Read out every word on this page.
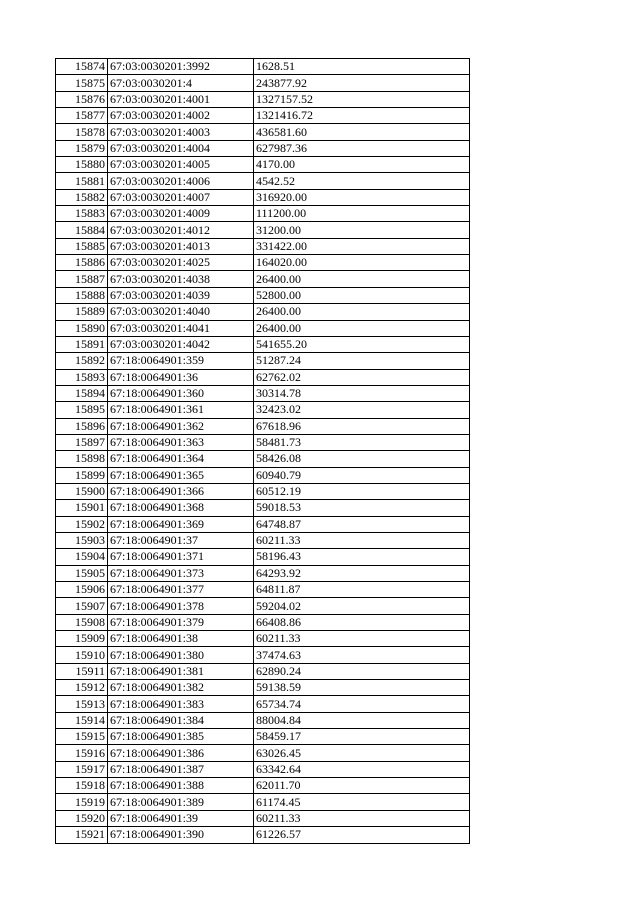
15874	67:03:0030201:3992	1628.51
15875	67:03:0030201:4	243877.92
15876	67:03:0030201:4001	1327157.52
15877	67:03:0030201:4002	1321416.72
15878	67:03:0030201:4003	436581.60
15879	67:03:0030201:4004	627987.36
15880	67:03:0030201:4005	4170.00
15881	67:03:0030201:4006	4542.52
15882	67:03:0030201:4007	316920.00
15883	67:03:0030201:4009	111200.00
15884	67:03:0030201:4012	31200.00
15885	67:03:0030201:4013	331422.00
15886	67:03:0030201:4025	164020.00
15887	67:03:0030201:4038	26400.00
15888	67:03:0030201:4039	52800.00
15889	67:03:0030201:4040	26400.00
15890	67:03:0030201:4041	26400.00
15891	67:03:0030201:4042	541655.20
15892	67:18:0064901:359	51287.24
15893	67:18:0064901:36	62762.02
15894	67:18:0064901:360	30314.78
15895	67:18:0064901:361	32423.02
15896	67:18:0064901:362	67618.96
15897	67:18:0064901:363	58481.73
15898	67:18:0064901:364	58426.08
15899	67:18:0064901:365	60940.79
15900	67:18:0064901:366	60512.19
15901	67:18:0064901:368	59018.53
15902	67:18:0064901:369	64748.87
15903	67:18:0064901:37	60211.33
15904	67:18:0064901:371	58196.43
15905	67:18:0064901:373	64293.92
15906	67:18:0064901:377	64811.87
15907	67:18:0064901:378	59204.02
15908	67:18:0064901:379	66408.86
15909	67:18:0064901:38	60211.33
15910	67:18:0064901:380	37474.63
15911	67:18:0064901:381	62890.24
15912	67:18:0064901:382	59138.59
15913	67:18:0064901:383	65734.74
15914	67:18:0064901:384	88004.84
15915	67:18:0064901:385	58459.17
15916	67:18:0064901:386	63026.45
15917	67:18:0064901:387	63342.64
15918	67:18:0064901:388	62011.70
15919	67:18:0064901:389	61174.45
15920	67:18:0064901:39	60211.33
15921	67:18:0064901:390	61226.57
